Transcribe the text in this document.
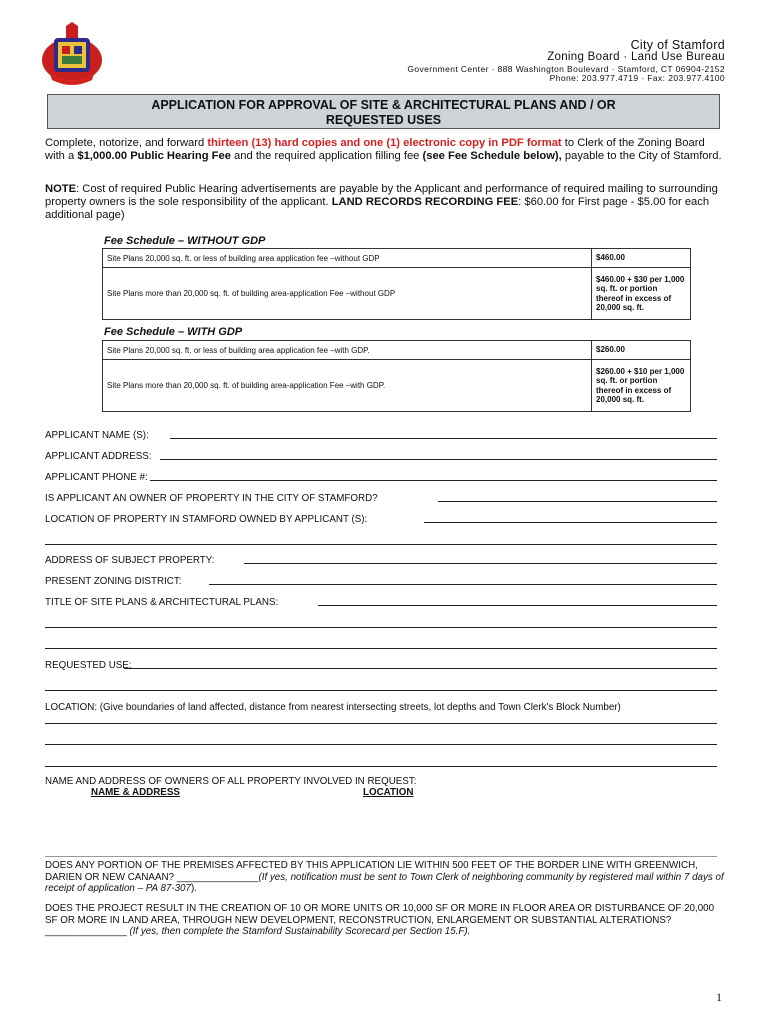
City of Stamford
Zoning Board · Land Use Bureau
Government Center · 888 Washington Boulevard · Stamford, CT 06904-2152
Phone: 203.977.4719 · Fax: 203.977.4100
APPLICATION FOR APPROVAL OF SITE & ARCHITECTURAL PLANS AND / OR
REQUESTED USES
Complete, notorize, and forward thirteen (13) hard copies and one (1) electronic copy in PDF format to Clerk of the Zoning Board with a $1,000.00 Public Hearing Fee and the required application filling fee (see Fee Schedule below), payable to the City of Stamford.
NOTE: Cost of required Public Hearing advertisements are payable by the Applicant and performance of required mailing to surrounding property owners is the sole responsibility of the applicant. LAND RECORDS RECORDING FEE: $60.00 for First page - $5.00 for each additional page)
Fee Schedule – WITHOUT GDP
Site Plans 20,000 sq. ft. or less of building area application fee –without GDP	$460.00
Site Plans more than 20,000 sq. ft. of building area-application Fee –without GDP	$460.00 + $30 per 1,000 sq. ft. or portion thereof in excess of 20,000 sq. ft.
Fee Schedule – WITH GDP
Site Plans 20,000 sq. ft. or less of building area application fee –with GDP.	$260.00
Site Plans more than 20,000 sq. ft. of building area-application Fee –with GDP.	$260.00 + $10 per 1,000 sq. ft. or portion thereof in excess of 20,000 sq. ft.
APPLICANT NAME (S):
APPLICANT ADDRESS:
APPLICANT PHONE #:
IS APPLICANT AN OWNER OF PROPERTY IN THE CITY OF STAMFORD?
LOCATION OF PROPERTY IN STAMFORD OWNED BY APPLICANT (S):
ADDRESS OF SUBJECT PROPERTY:
PRESENT ZONING DISTRICT:
TITLE OF SITE PLANS & ARCHITECTURAL PLANS:
REQUESTED USE:
LOCATION: (Give boundaries of land affected, distance from nearest intersecting streets, lot depths and Town Clerk's Block Number)
NAME AND ADDRESS OF OWNERS OF ALL PROPERTY INVOLVED IN REQUEST:
NAME & ADDRESS	LOCATION
DOES ANY PORTION OF THE PREMISES AFFECTED BY THIS APPLICATION LIE WITHIN 500 FEET OF THE BORDER LINE WITH GREENWICH, DARIEN OR NEW CANAAN? _______________(If yes, notification must be sent to Town Clerk of neighboring community by registered mail within 7 days of receipt of application – PA 87-307).
DOES THE PROJECT RESULT IN THE CREATION OF 10 OR MORE UNITS OR 10,000 SF OR MORE IN FLOOR AREA OR DISTURBANCE OF 20,000 SF OR MORE IN LAND AREA, THROUGH NEW DEVELOPMENT, RECONSTRUCTION, ENLARGEMENT OR SUBSTANTIAL ALTERATIONS? _______________ (If yes, then complete the Stamford Sustainability Scorecard per Section 15.F).
1
